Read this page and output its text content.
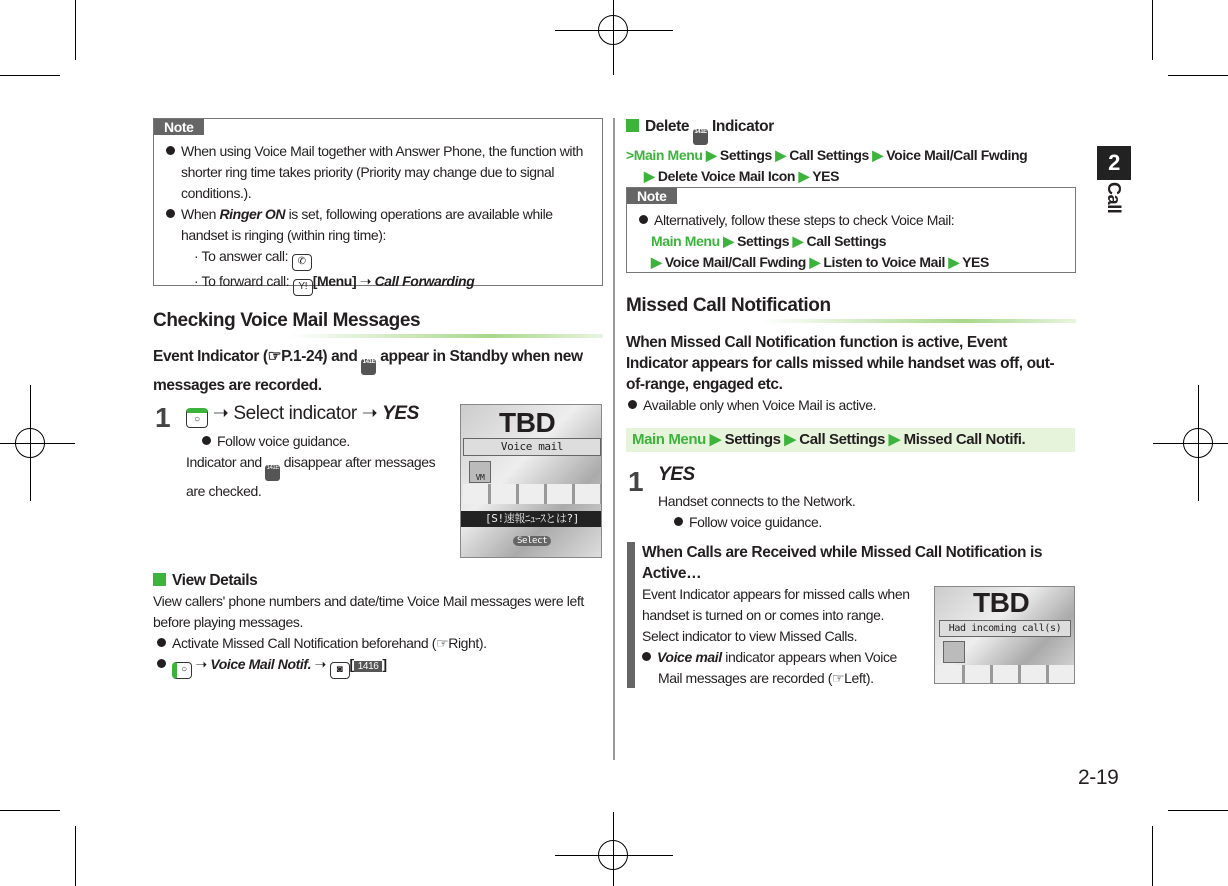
2
Call
2-19
Note
When using Voice Mail together with Answer Phone, the function with shorter ring time takes priority (Priority may change due to signal conditions.).
When Ringer ON is set, following operations are available while handset is ringing (within ring time):
· To answer call: ✆
· To forward call: Y! [Menu] ➝ Call Forwarding
Checking Voice Mail Messages
Event Indicator (☞P.1-24) and 141E appear in Standby when new messages are recorded.
1	○ ➝ Select indicator ➝ YES
Follow voice guidance.
Indicator and 141E disappear after messages are checked.
TBD
Voice mail
VM
[S!速報ﾆｭｰｽとは?]
Select
View Details
View callers' phone numbers and date/time Voice Mail messages were left before playing messages.
Activate Missed Call Notification beforehand (☞Right).
○ ➝ Voice Mail Notif. ➝ ◙ [ 1416 ]
Delete 141E Indicator
>Main Menu ▶ Settings ▶ Call Settings ▶ Voice Mail/Call Fwding
▶ Delete Voice Mail Icon ▶ YES
Note
Alternatively, follow these steps to check Voice Mail:
Main Menu ▶ Settings ▶ Call Settings
▶ Voice Mail/Call Fwding ▶ Listen to Voice Mail ▶ YES
Missed Call Notification
When Missed Call Notification function is active, Event Indicator appears for calls missed while handset was off, out-of-range, engaged etc.
Available only when Voice Mail is active.
Main Menu ▶ Settings ▶ Call Settings ▶ Missed Call Notifi.
1 YES
Handset connects to the Network.
Follow voice guidance.
When Calls are Received while Missed Call Notification is Active…
Event Indicator appears for missed calls when handset is turned on or comes into range. Select indicator to view Missed Calls.
Voice mail indicator appears when Voice Mail messages are recorded (☞Left).
TBD
Had incoming call(s)
